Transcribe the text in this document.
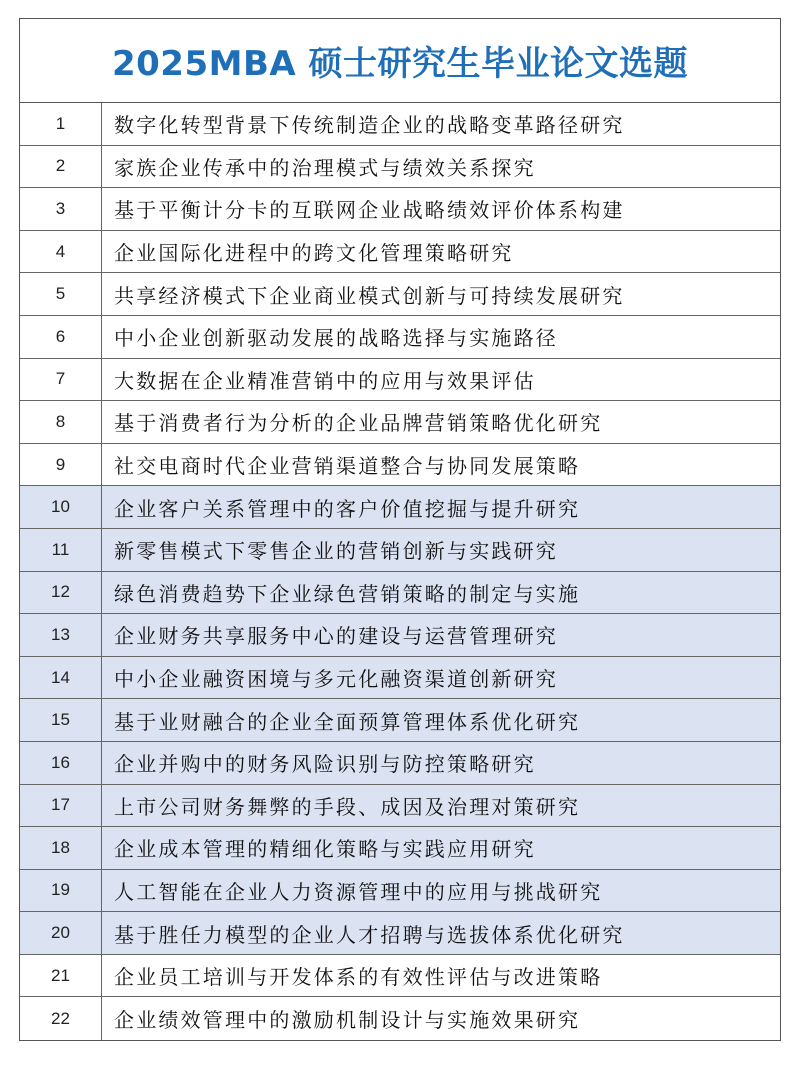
2025MBA 硕士研究生毕业论文选题
1	数字化转型背景下传统制造企业的战略变革路径研究
2	家族企业传承中的治理模式与绩效关系探究
3	基于平衡计分卡的互联网企业战略绩效评价体系构建
4	企业国际化进程中的跨文化管理策略研究
5	共享经济模式下企业商业模式创新与可持续发展研究
6	中小企业创新驱动发展的战略选择与实施路径
7	大数据在企业精准营销中的应用与效果评估
8	基于消费者行为分析的企业品牌营销策略优化研究
9	社交电商时代企业营销渠道整合与协同发展策略
10	企业客户关系管理中的客户价值挖掘与提升研究
11	新零售模式下零售企业的营销创新与实践研究
12	绿色消费趋势下企业绿色营销策略的制定与实施
13	企业财务共享服务中心的建设与运营管理研究
14	中小企业融资困境与多元化融资渠道创新研究
15	基于业财融合的企业全面预算管理体系优化研究
16	企业并购中的财务风险识别与防控策略研究
17	上市公司财务舞弊的手段、成因及治理对策研究
18	企业成本管理的精细化策略与实践应用研究
19	人工智能在企业人力资源管理中的应用与挑战研究
20	基于胜任力模型的企业人才招聘与选拔体系优化研究
21	企业员工培训与开发体系的有效性评估与改进策略
22	企业绩效管理中的激励机制设计与实施效果研究
